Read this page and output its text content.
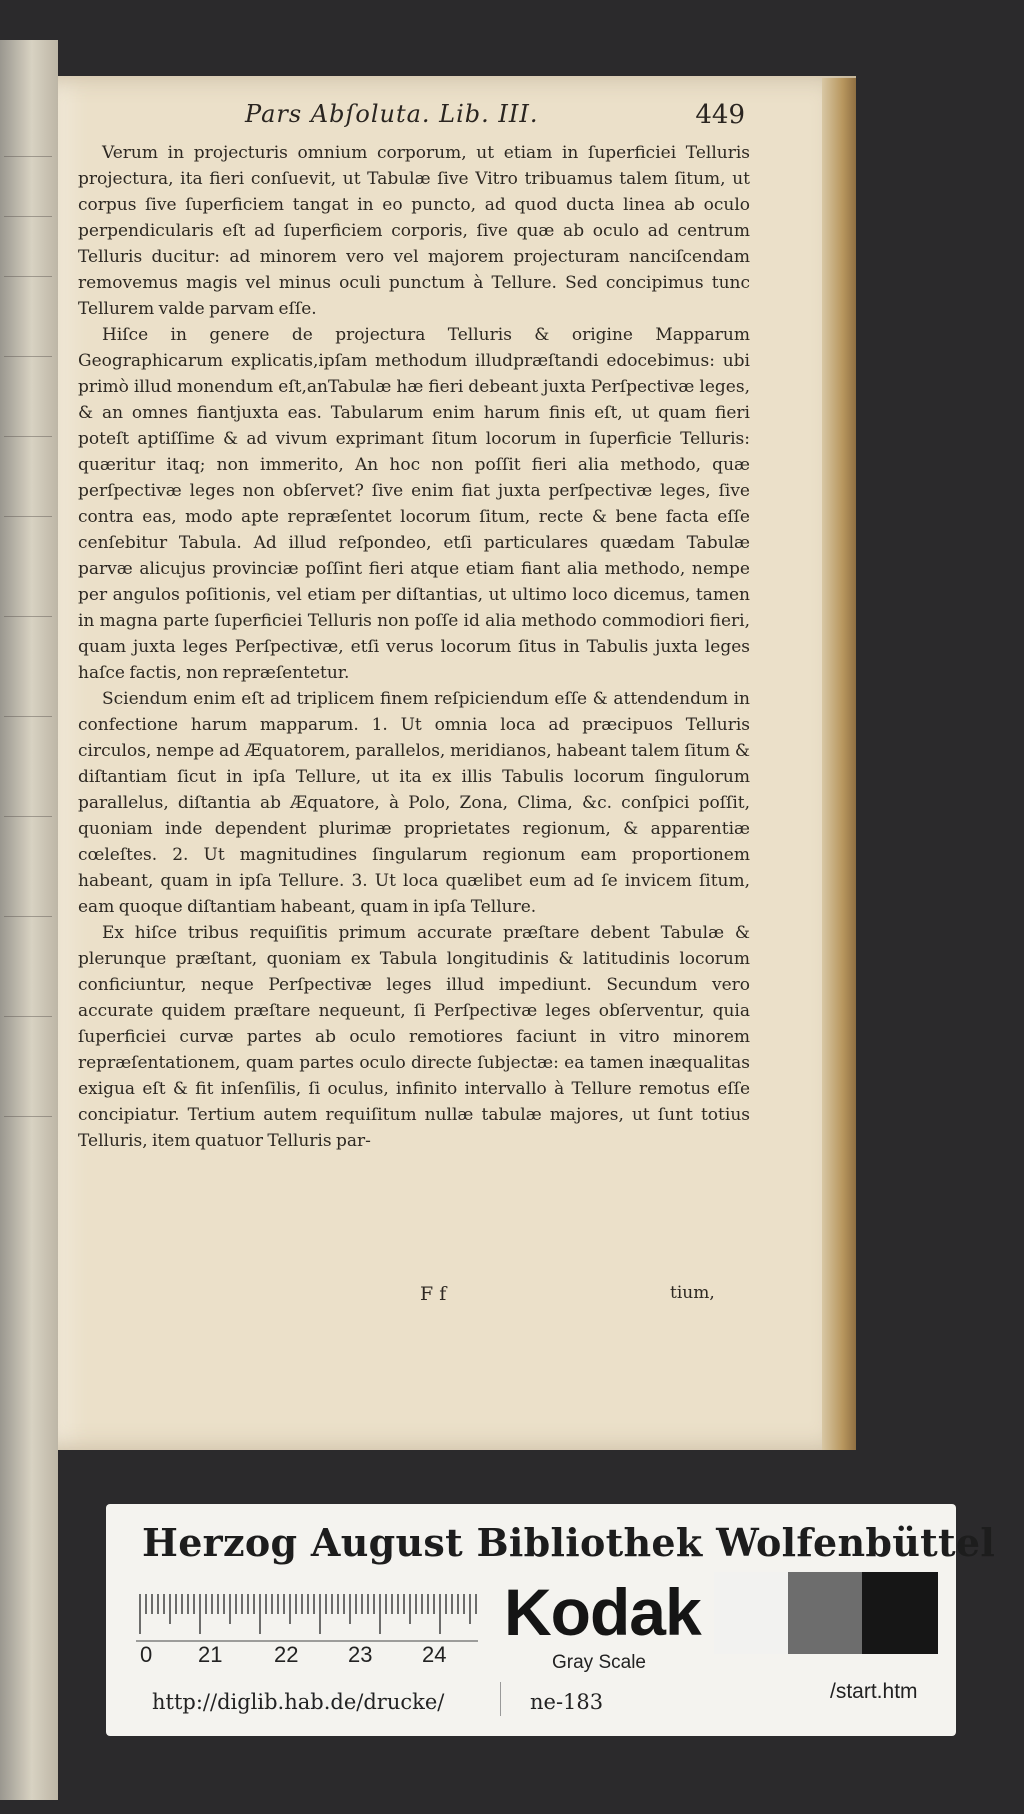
Pars Abſoluta. Lib. III.	449

Verum in projecturis omnium corporum, ut etiam in ſuperficiei Telluris projectura, ita fieri conſuevit, ut Tabulæ ſive Vitro tribuamus talem ſitum, ut corpus ſive ſuperficiem tangat in eo puncto, ad quod ducta linea ab oculo perpendicularis eſt ad ſuperficiem corporis, ſive quæ ab oculo ad centrum Telluris ducitur: ad minorem vero vel majorem projecturam nanciſcendam removemus magis vel minus oculi punctum à Tellure. Sed concipimus tunc Tellurem valde parvam eſſe.

Hiſce in genere de projectura Telluris & origine Mapparum Geographicarum explicatis,ipſam methodum illudpræſtandi edocebimus: ubi primò illud monendum eſt,anTabulæ hæ fieri debeant juxta Perſpectivæ leges, & an omnes fiantjuxta eas. Tabularum enim harum finis eſt, ut quam fieri poteſt aptiſſime & ad vivum exprimant ſitum locorum in ſuperficie Telluris: quæritur itaq; non immerito, An hoc non poſſit fieri alia methodo, quæ perſpectivæ leges non obſervet? ſive enim fiat juxta perſpectivæ leges, ſive contra eas, modo apte repræſentet locorum ſitum, recte & bene facta eſſe cenſebitur Tabula. Ad illud reſpondeo, etſi particulares quædam Tabulæ parvæ alicujus provinciæ poſſint fieri atque etiam fiant alia methodo, nempe per angulos poſitionis, vel etiam per diſtantias, ut ultimo loco dicemus, tamen in magna parte ſuperficiei Telluris non poſſe id alia methodo commodiori fieri, quam juxta leges Perſpectivæ, etſi verus locorum ſitus in Tabulis juxta leges haſce factis, non repræſentetur.

Sciendum enim eſt ad triplicem finem reſpiciendum eſſe & attendendum in confectione harum mapparum. 1. Ut omnia loca ad præcipuos Telluris circulos, nempe ad Æquatorem, parallelos, meridianos, habeant talem ſitum & diſtantiam ſicut in ipſa Tellure, ut ita ex illis Tabulis locorum ſingulorum parallelus, diſtantia ab Æquatore, à Polo, Zona, Clima, &c. conſpici poſſit, quoniam inde dependent plurimæ proprietates regionum, & apparentiæ cœleſtes. 2. Ut magnitudines ſingularum regionum eam proportionem habeant, quam in ipſa Tellure. 3. Ut loca quælibet eum ad ſe invicem ſitum, eam quoque diſtantiam habeant, quam in ipſa Tellure.

Ex hiſce tribus requiſitis primum accurate præſtare debent Tabulæ & plerunque præſtant, quoniam ex Tabula longitudinis & latitudinis locorum conficiuntur, neque Perſpectivæ leges illud impediunt. Secundum vero accurate quidem præſtare nequeunt, ſi Perſpectivæ leges obſerventur, quia ſuperficiei curvæ partes ab oculo remotiores faciunt in vitro minorem repræſentationem, quam partes oculo directe ſubjectæ: ea tamen inæqualitas exigua eſt & fit inſenſilis, ſi oculus, infinito intervallo à Tellure remotus eſſe concipiatur. Tertium autem requiſitum nullæ tabulæ majores, ut ſunt totius Telluris, item quatuor Telluris par-

F f	tium,
Herzog August Bibliothek Wolfenbüttel
0 21 22 23 24
Kodak
Gray Scale
http://diglib.hab.de/drucke/	ne-183	/start.htm
